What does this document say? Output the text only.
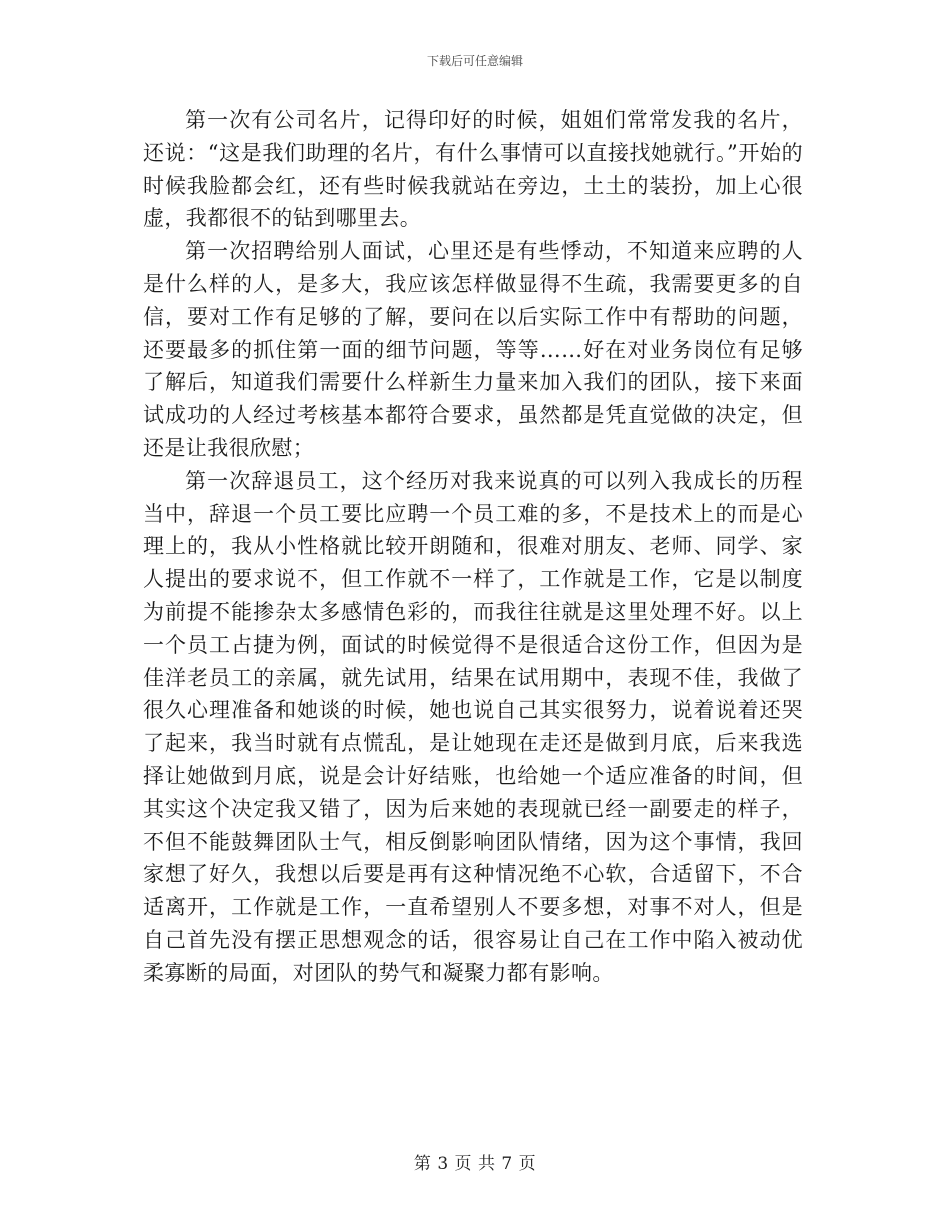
下载后可任意编辑

第一次有公司名片，记得印好的时候，姐姐们常常发我的名片，还说：“这是我们助理的名片，有什么事情可以直接找她就行。”开始的时候我脸都会红，还有些时候我就站在旁边，土土的装扮，加上心很虚，我都很不的钻到哪里去。

第一次招聘给别人面试，心里还是有些悸动，不知道来应聘的人是什么样的人，是多大，我应该怎样做显得不生疏，我需要更多的自信，要对工作有足够的了解，要问在以后实际工作中有帮助的问题，还要最多的抓住第一面的细节问题，等等……好在对业务岗位有足够了解后，知道我们需要什么样新生力量来加入我们的团队，接下来面试成功的人经过考核基本都符合要求，虽然都是凭直觉做的决定，但还是让我很欣慰；

第一次辞退员工，这个经历对我来说真的可以列入我成长的历程当中，辞退一个员工要比应聘一个员工难的多，不是技术上的而是心理上的，我从小性格就比较开朗随和，很难对朋友、老师、同学、家人提出的要求说不，但工作就不一样了，工作就是工作，它是以制度为前提不能掺杂太多感情色彩的，而我往往就是这里处理不好。以上一个员工占捷为例，面试的时候觉得不是很适合这份工作，但因为是佳洋老员工的亲属，就先试用，结果在试用期中，表现不佳，我做了很久心理准备和她谈的时候，她也说自己其实很努力，说着说着还哭了起来，我当时就有点慌乱，是让她现在走还是做到月底，后来我选择让她做到月底，说是会计好结账，也给她一个适应准备的时间，但其实这个决定我又错了，因为后来她的表现就已经一副要走的样子，不但不能鼓舞团队士气，相反倒影响团队情绪，因为这个事情，我回家想了好久，我想以后要是再有这种情况绝不心软，合适留下，不合适离开，工作就是工作，一直希望别人不要多想，对事不对人，但是自己首先没有摆正思想观念的话，很容易让自己在工作中陷入被动优柔寡断的局面，对团队的势气和凝聚力都有影响。

第 3 页 共 7 页
